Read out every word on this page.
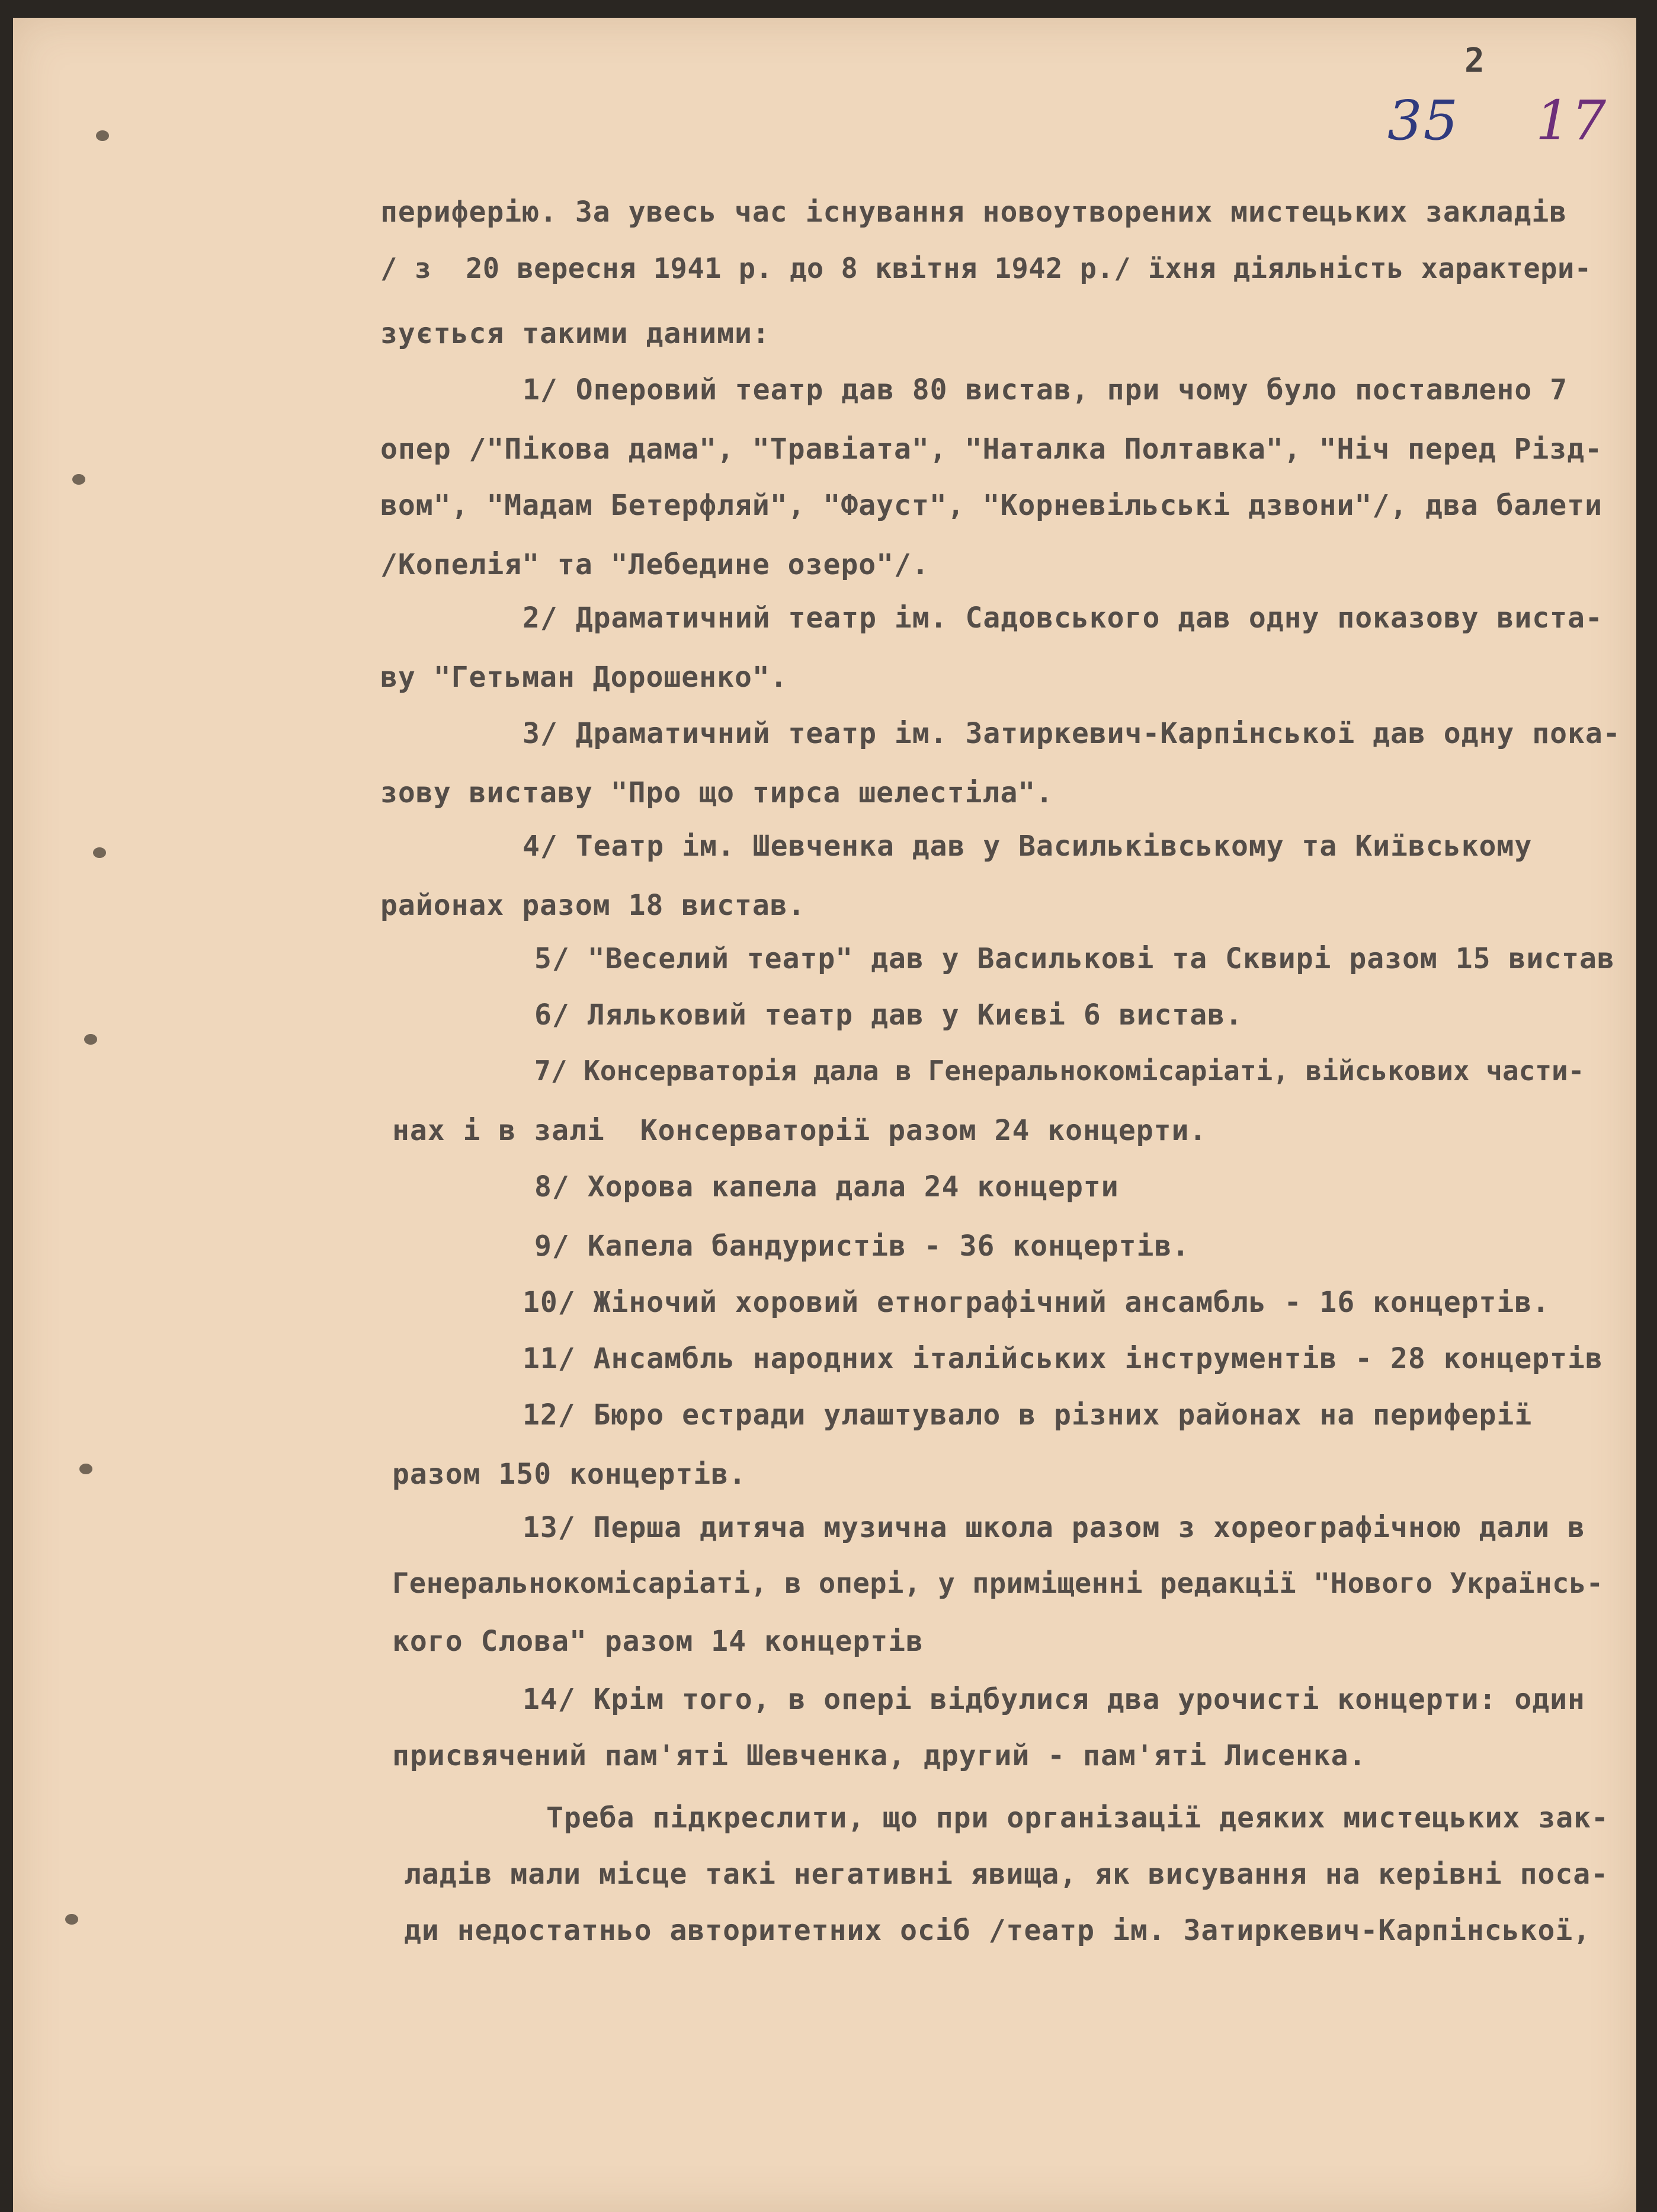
2
35 17
периферію. За увесь час існування новоутворених мистецьких закладів
/ з  20 вересня 1941 р. до 8 квітня 1942 р./ їхня діяльність характери-
зується такими даними:
1/ Оперовий театр дав 80 вистав, при чому було поставлено 7
опер /"Пікова дама", "Травіата", "Наталка Полтавка", "Ніч перед Різд-
вом", "Мадам Бетерфляй", "Фауст", "Корневільські дзвони"/, два балети
/Копелія" та "Лебедине озеро"/.
2/ Драматичний театр ім. Садовського дав одну показову виста-
ву "Гетьман Дорошенко".
3/ Драматичний театр ім. Затиркевич-Карпінської дав одну пока-
зову виставу "Про що тирса шелестіла".
4/ Театр ім. Шевченка дав у Васильківському та Київському
районах разом 18 вистав.
5/ "Веселий театр" дав у Василькові та Сквирі разом 15 вистав
6/ Ляльковий театр дав у Києві 6 вистав.
7/ Консерваторія дала в Генеральнокомісаріаті, військових части-
нах і в залі  Консерваторії разом 24 концерти.
8/ Хорова капела дала 24 концерти
9/ Капела бандуристів - 36 концертів.
10/ Жіночий хоровий етнографічний ансамбль - 16 концертів.
11/ Ансамбль народних італійських інструментів - 28 концертів
12/ Бюро естради улаштувало в різних районах на периферії
разом 150 концертів.
13/ Перша дитяча музична школа разом з хореографічною дали в
Генеральнокомісаріаті, в опері, у приміщенні редакції "Нового Українсь-
кого Слова" разом 14 концертів
14/ Крім того, в опері відбулися два урочисті концерти: один
присвячений пам'яті Шевченка, другий - пам'яті Лисенка.
Треба підкреслити, що при організації деяких мистецьких зак-
ладів мали місце такі негативні явища, як висування на керівні поса-
ди недостатньо авторитетних осіб /театр ім. Затиркевич-Карпінської,
